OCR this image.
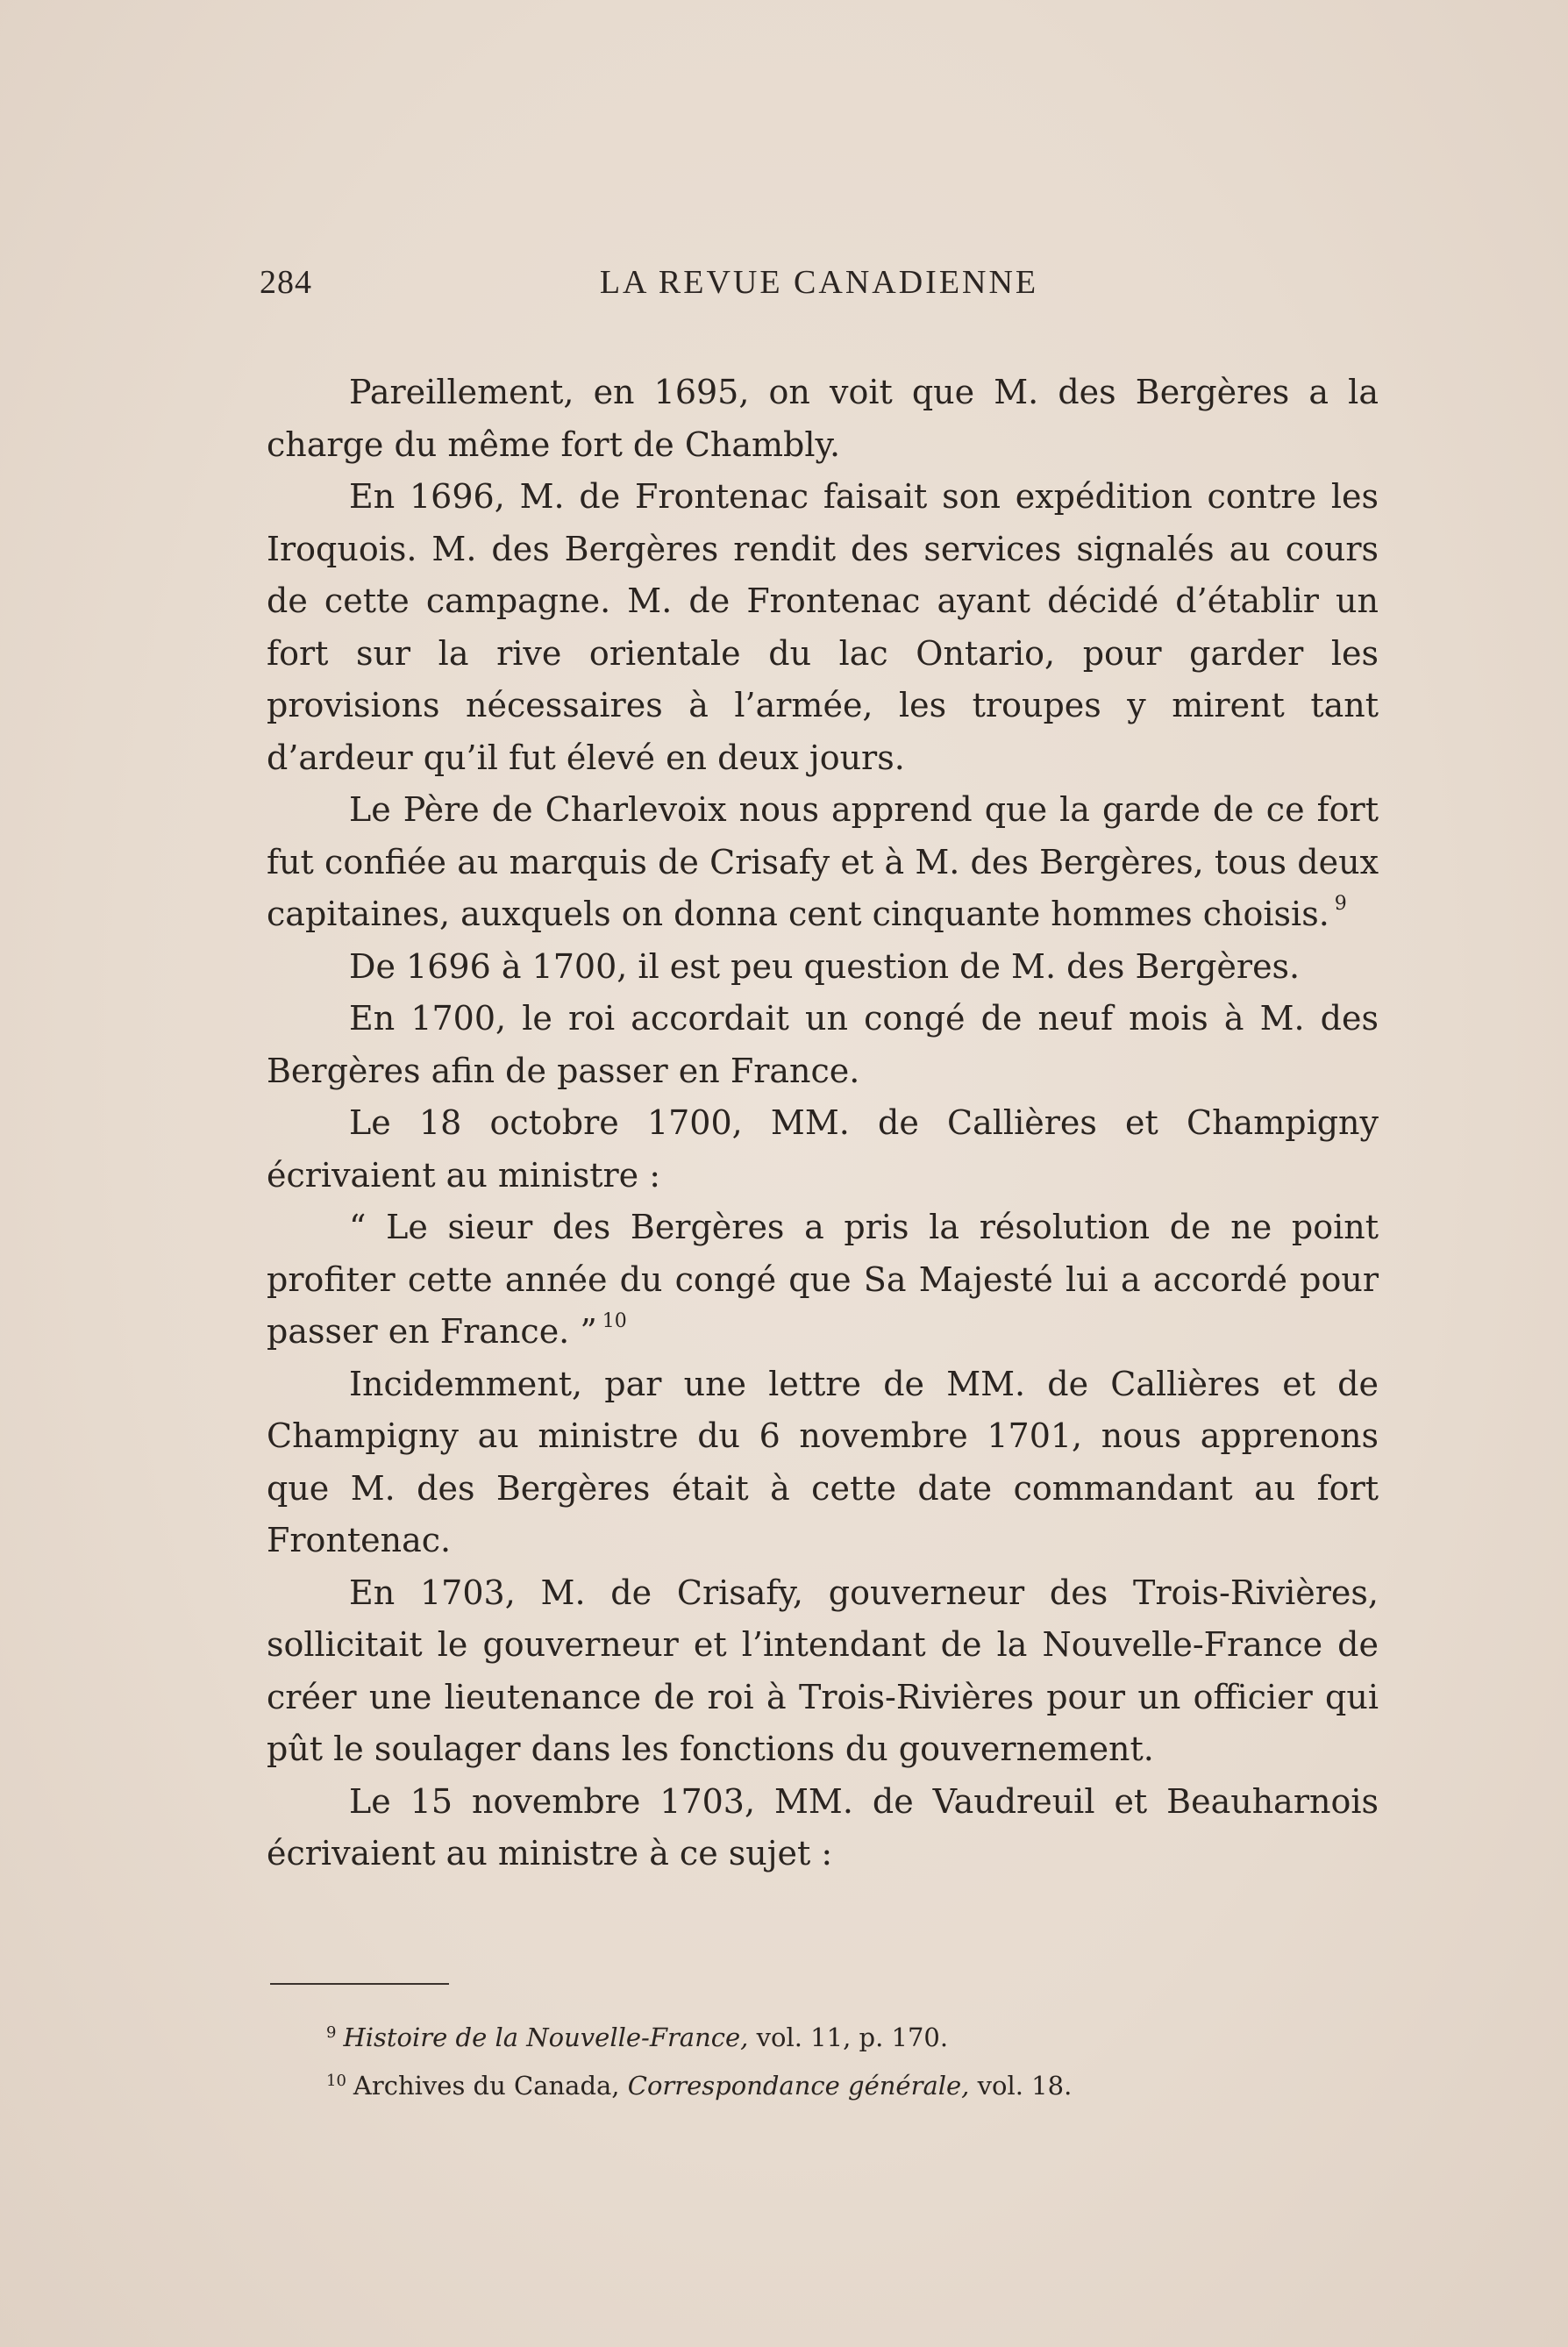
284	LA REVUE CANADIENNE

Pareillement, en 1695, on voit que M. des Bergères a la charge du même fort de Chambly.

En 1696, M. de Frontenac faisait son expédition contre les Iroquois. M. des Bergères rendit des services signalés au cours de cette campagne. M. de Frontenac ayant décidé d’établir un fort sur la rive orientale du lac Ontario, pour garder les provisions nécessaires à l’armée, les troupes y mirent tant d’ardeur qu’il fut élevé en deux jours.

Le Père de Charlevoix nous apprend que la garde de ce fort fut confiée au marquis de Crisafy et à M. des Bergères, tous deux capitaines, auxquels on donna cent cinquante hommes choisis. $^9$

De 1696 à 1700, il est peu question de M. des Bergères.

En 1700, le roi accordait un congé de neuf mois à M. des Bergères afin de passer en France.

Le 18 octobre 1700, MM. de Callières et Champigny écrivaient au ministre :

“ Le sieur des Bergères a pris la résolution de ne point profiter cette année du congé que Sa Majesté lui a accordé pour passer en France. ” $^{10}$

Incidemment, par une lettre de MM. de Callières et de Champigny au ministre du 6 novembre 1701, nous apprenons que M. des Bergères était à cette date commandant au fort Frontenac.

En 1703, M. de Crisafy, gouverneur des Trois-Rivières, sollicitait le gouverneur et l’intendant de la Nouvelle-France de créer une lieutenance de roi à Trois-Rivières pour un officier qui pût le soulager dans les fonctions du gouvernement.

Le 15 novembre 1703, MM. de Vaudreuil et Beauharnois écrivaient au ministre à ce sujet :

$^9$ Histoire de la Nouvelle-France, vol. 11, p. 170.
$^{10}$ Archives du Canada, Correspondance générale, vol. 18.
